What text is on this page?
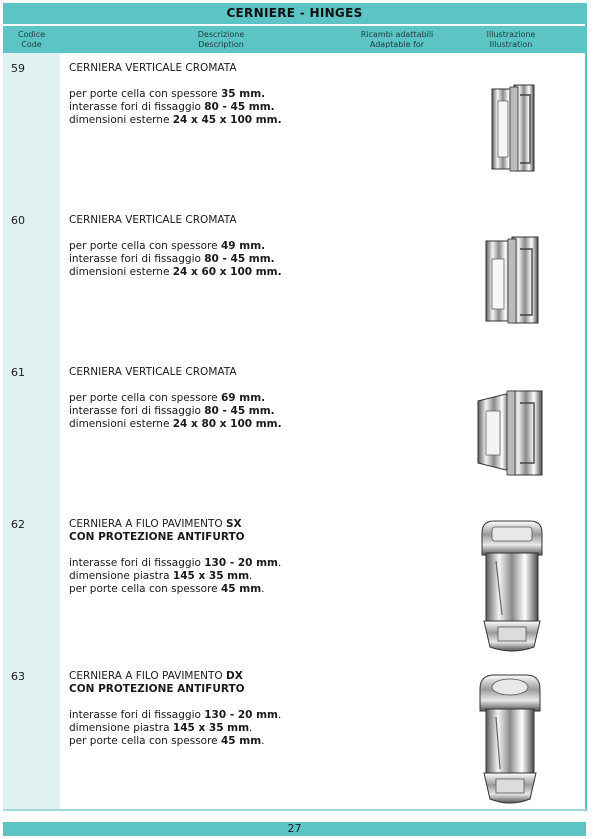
CERNIERE - HINGES
Codice
Code
Descrizione
Description
Ricambi adattabili
Adaptable for
Illustrazione
Illustration
59	CERNIERA VERTICALE CROMATA
per porte cella con spessore 35 mm.
interasse fori di fissaggio 80 - 45 mm.
dimensioni esterne 24 x 45 x 100 mm.
60	CERNIERA VERTICALE CROMATA
per porte cella con spessore 49 mm.
interasse fori di fissaggio 80 - 45 mm.
dimensioni esterne 24 x 60 x 100 mm.
61	CERNIERA VERTICALE CROMATA
per porte cella con spessore 69 mm.
interasse fori di fissaggio 80 - 45 mm.
dimensioni esterne 24 x 80 x 100 mm.
62	CERNIERA A FILO PAVIMENTO SX
CON PROTEZIONE ANTIFURTO
interasse fori di fissaggio 130 - 20 mm.
dimensione piastra 145 x 35 mm.
per porte cella con spessore 45 mm.
63	CERNIERA A FILO PAVIMENTO DX
CON PROTEZIONE ANTIFURTO
interasse fori di fissaggio 130 - 20 mm.
dimensione piastra 145 x 35 mm.
per porte cella con spessore 45 mm.
27
